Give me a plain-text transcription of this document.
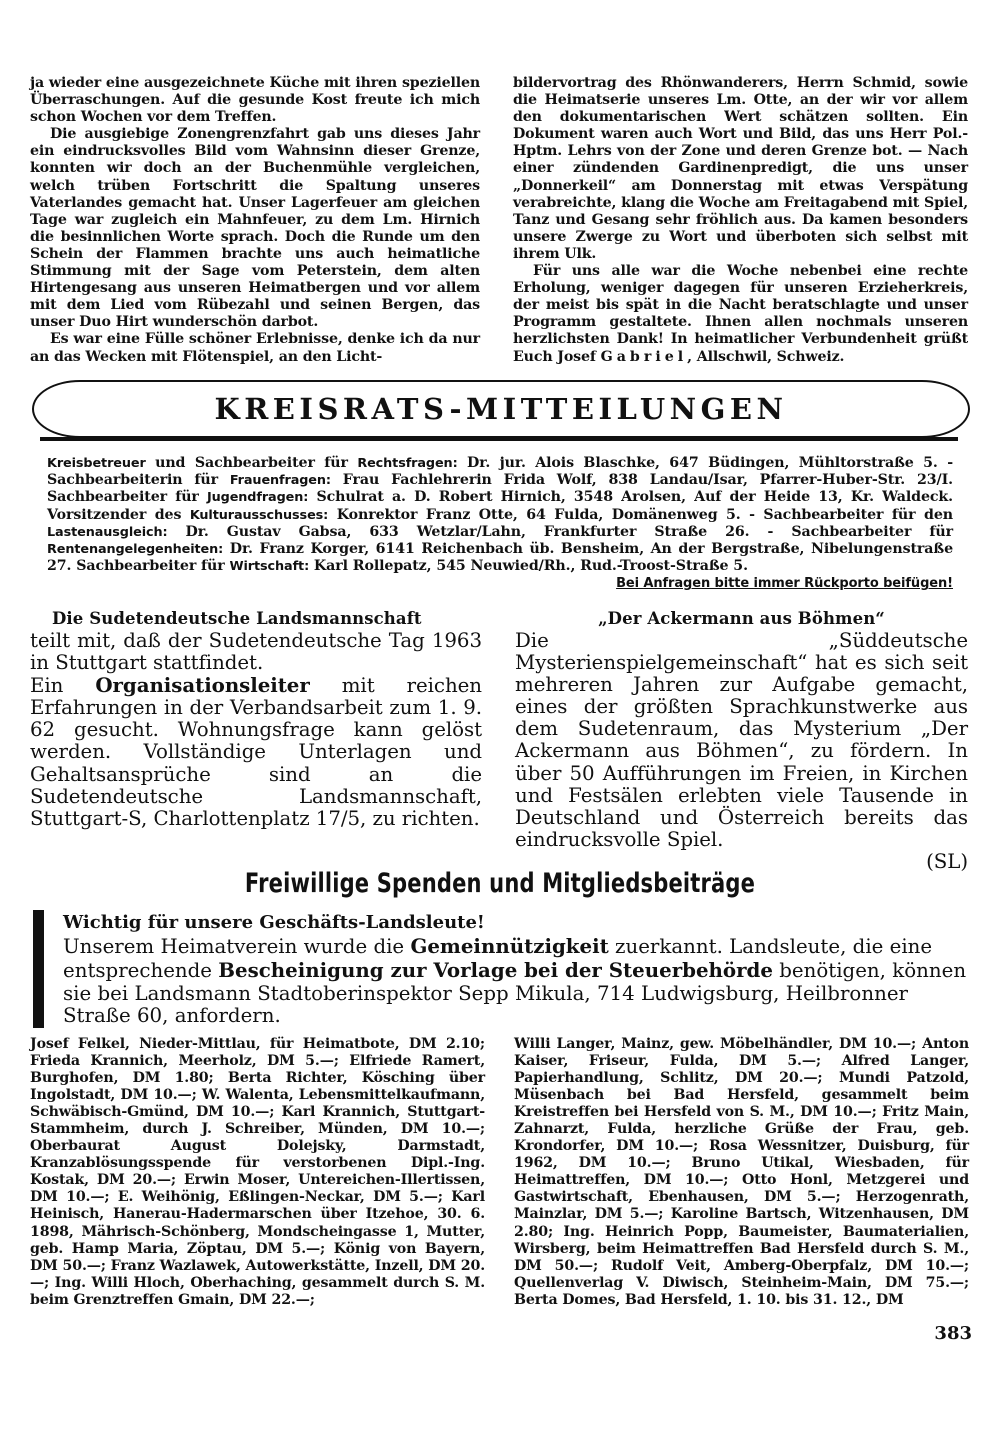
ja wieder eine ausgezeichnete Küche mit ihren speziellen Überraschungen. Auf die gesunde Kost freute ich mich schon Wochen vor dem Treffen.

Die ausgiebige Zonengrenzfahrt gab uns dieses Jahr ein eindrucksvolles Bild vom Wahnsinn dieser Grenze, konnten wir doch an der Buchenmühle vergleichen, welch trüben Fortschritt die Spaltung unseres Vaterlandes gemacht hat. Unser Lagerfeuer am gleichen Tage war zugleich ein Mahnfeuer, zu dem Lm. Hirnich die besinnlichen Worte sprach. Doch die Runde um den Schein der Flammen brachte uns auch heimatliche Stimmung mit der Sage vom Peterstein, dem alten Hirtengesang aus unseren Heimatbergen und vor allem mit dem Lied vom Rübezahl und seinen Bergen, das unser Duo Hirt wunderschön darbot.

Es war eine Fülle schöner Erlebnisse, denke ich da nur an das Wecken mit Flötenspiel, an den Licht-

bildervortrag des Rhönwanderers, Herrn Schmid, sowie die Heimatserie unseres Lm. Otte, an der wir vor allem den dokumentarischen Wert schätzen sollten. Ein Dokument waren auch Wort und Bild, das uns Herr Pol.-Hptm. Lehrs von der Zone und deren Grenze bot. — Nach einer zündenden Gardinenpredigt, die uns unser „Donnerkeil“ am Donnerstag mit etwas Verspätung verabreichte, klang die Woche am Freitagabend mit Spiel, Tanz und Gesang sehr fröhlich aus. Da kamen besonders unsere Zwerge zu Wort und überboten sich selbst mit ihrem Ulk.

Für uns alle war die Woche nebenbei eine rechte Erholung, weniger dagegen für unseren Erzieherkreis, der meist bis spät in die Nacht beratschlagte und unser Programm gestaltete. Ihnen allen nochmals unseren herzlichsten Dank! In heimatlicher Verbundenheit grüßt Euch Josef Gabriel, Allschwil, Schweiz.

KREISRATS-MITTEILUNGEN

Kreisbetreuer und Sachbearbeiter für Rechtsfragen: Dr. jur. Alois Blaschke, 647 Büdingen, Mühltorstraße 5. - Sachbearbeiterin für Frauenfragen: Frau Fachlehrerin Frida Wolf, 838 Landau/Isar, Pfarrer-Huber-Str. 23/I. Sachbearbeiter für Jugendfragen: Schulrat a. D. Robert Hirnich, 3548 Arolsen, Auf der Heide 13, Kr. Waldeck. Vorsitzender des Kulturausschusses: Konrektor Franz Otte, 64 Fulda, Domänenweg 5. - Sachbearbeiter für den Lastenausgleich: Dr. Gustav Gabsa, 633 Wetzlar/Lahn, Frankfurter Straße 26. - Sachbearbeiter für Rentenangelegenheiten: Dr. Franz Korger, 6141 Reichenbach üb. Bensheim, An der Bergstraße, Nibelungenstraße 27. Sachbearbeiter für Wirtschaft: Karl Rollepatz, 545 Neuwied/Rh., Rud.-Troost-Straße 5.

Bei Anfragen bitte immer Rückporto beifügen!

Die Sudetendeutsche Landsmannschaft

teilt mit, daß der Sudetendeutsche Tag 1963 in Stuttgart stattfindet.

Ein Organisationsleiter mit reichen Erfahrungen in der Verbandsarbeit zum 1. 9. 62 gesucht. Wohnungsfrage kann gelöst werden. Vollständige Unterlagen und Gehaltsansprüche sind an die Sudetendeutsche Landsmannschaft, Stuttgart-S, Charlottenplatz 17/5, zu richten.

„Der Ackermann aus Böhmen“

Die „Süddeutsche Mysterienspielgemeinschaft“ hat es sich seit mehreren Jahren zur Aufgabe gemacht, eines der größten Sprachkunstwerke aus dem Sudetenraum, das Mysterium „Der Ackermann aus Böhmen“, zu fördern. In über 50 Aufführungen im Freien, in Kirchen und Festsälen erlebten viele Tausende in Deutschland und Österreich bereits das eindrucksvolle Spiel.

(SL)

Freiwillige Spenden und Mitgliedsbeiträge

Wichtig für unsere Geschäfts-Landsleute!

Unserem Heimatverein wurde die Gemeinnützigkeit zuerkannt. Landsleute, die eine entsprechende Bescheinigung zur Vorlage bei der Steuerbehörde benötigen, können sie bei Landsmann Stadtoberinspektor Sepp Mikula, 714 Ludwigsburg, Heilbronner Straße 60, anfordern.

Josef Felkel, Nieder-Mittlau, für Heimatbote, DM 2.10; Frieda Krannich, Meerholz, DM 5.—; Elfriede Ramert, Burghofen, DM 1.80; Berta Richter, Kösching über Ingolstadt, DM 10.—; W. Walenta, Lebensmittelkaufmann, Schwäbisch-Gmünd, DM 10.—; Karl Krannich, Stuttgart-Stammheim, durch J. Schreiber, Münden, DM 10.—; Oberbaurat August Dolejsky, Darmstadt, Kranzablösungsspende für verstorbenen Dipl.-Ing. Kostak, DM 20.—; Erwin Moser, Untereichen-Illertissen, DM 10.—; E. Weihönig, Eßlingen-Neckar, DM 5.—; Karl Heinisch, Hanerau-Hadermarschen über Itzehoe, 30. 6. 1898, Mährisch-Schönberg, Mondscheingasse 1, Mutter, geb. Hamp Maria, Zöptau, DM 5.—; König von Bayern, DM 50.—; Franz Wazlawek, Autowerkstätte, Inzell, DM 20.—; Ing. Willi Hloch, Oberhaching, gesammelt durch S. M. beim Grenztreffen Gmain, DM 22.—;

Willi Langer, Mainz, gew. Möbelhändler, DM 10.—; Anton Kaiser, Friseur, Fulda, DM 5.—; Alfred Langer, Papierhandlung, Schlitz, DM 20.—; Mundi Patzold, Müsenbach bei Bad Hersfeld, gesammelt beim Kreistreffen bei Hersfeld von S. M., DM 10.—; Fritz Main, Zahnarzt, Fulda, herzliche Grüße der Frau, geb. Krondorfer, DM 10.—; Rosa Wessnitzer, Duisburg, für 1962, DM 10.—; Bruno Utikal, Wiesbaden, für Heimattreffen, DM 10.—; Otto Honl, Metzgerei und Gastwirtschaft, Ebenhausen, DM 5.—; Herzogenrath, Mainzlar, DM 5.—; Karoline Bartsch, Witzenhausen, DM 2.80; Ing. Heinrich Popp, Baumeister, Baumaterialien, Wirsberg, beim Heimattreffen Bad Hersfeld durch S. M., DM 50.—; Rudolf Veit, Amberg-Oberpfalz, DM 10.—; Quellenverlag V. Diwisch, Steinheim-Main, DM 75.—; Berta Domes, Bad Hersfeld, 1. 10. bis 31. 12., DM

383
